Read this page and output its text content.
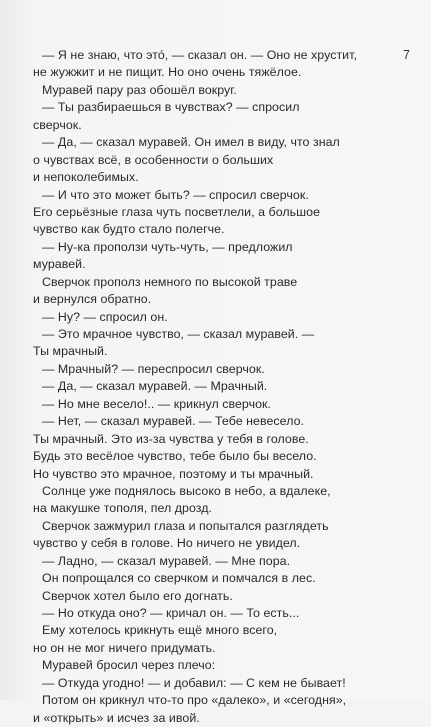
7
— Я не знаю, что это́, — сказал он. — Оно не хрустит,
не жужжит и не пищит. Но оно очень тяжёлое.
Муравей пару раз обошёл вокруг.
— Ты разбираешься в чувствах? — спросил
сверчок.
— Да, — сказал муравей. Он имел в виду, что знал
о чувствах всё, в особенности о больших
и непоколебимых.
— И что это может быть? — спросил сверчок.
Его серьёзные глаза чуть посветлели, а большое
чувство как будто стало полегче.
— Ну-ка проползи чуть-чуть, — предложил
муравей.
Сверчок прополз немного по высокой траве
и вернулся обратно.
— Ну? — спросил он.
— Это мрачное чувство, — сказал муравей. —
Ты мрачный.
— Мрачный? — переспросил сверчок.
— Да, — сказал муравей. — Мрачный.
— Но мне весело!.. — крикнул сверчок.
— Нет, — сказал муравей. — Тебе невесело.
Ты мрачный. Это из-за чувства у тебя в голове.
Будь это весёлое чувство, тебе было бы весело.
Но чувство это мрачное, поэтому и ты мрачный.
Солнце уже поднялось высоко в небо, а вдалеке,
на макушке тополя, пел дрозд.
Сверчок зажмурил глаза и попытался разглядеть
чувство у себя в голове. Но ничего не увидел.
— Ладно, — сказал муравей. — Мне пора.
Он попрощался со сверчком и помчался в лес.
Сверчок хотел было его догнать.
— Но откуда оно? — кричал он. — То есть...
Ему хотелось крикнуть ещё много всего,
но он не мог ничего придумать.
Муравей бросил через плечо:
— Откуда угодно! — и добавил: — С кем не бывает!
Потом он крикнул что-то про «далеко», и «сегодня»,
и «открыть» и исчез за ивой.
